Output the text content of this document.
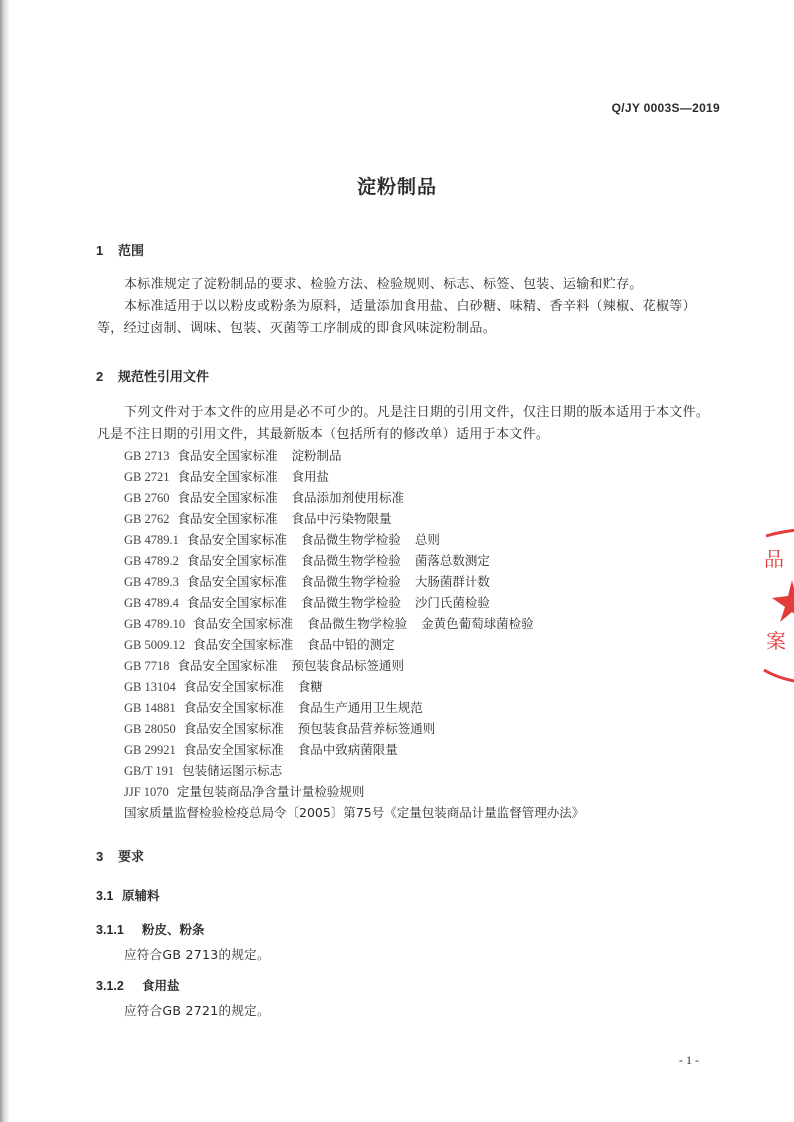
Q/JY 0003S—2019
淀粉制品
1 范围
本标准规定了淀粉制品的要求、检验方法、检验规则、标志、标签、包装、运输和贮存。
本标准适用于以以粉皮或粉条为原料，适量添加食用盐、白砂糖、味精、香辛料（辣椒、花椒等）
等，经过卤制、调味、包装、灭菌等工序制成的即食风味淀粉制品。
2 规范性引用文件
下列文件对于本文件的应用是必不可少的。凡是注日期的引用文件，仅注日期的版本适用于本文件。
凡是不注日期的引用文件，其最新版本（包括所有的修改单）适用于本文件。
GB 2713 食品安全国家标准 淀粉制品
GB 2721 食品安全国家标准 食用盐
GB 2760 食品安全国家标准 食品添加剂使用标准
GB 2762 食品安全国家标准 食品中污染物限量
GB 4789.1 食品安全国家标准 食品微生物学检验 总则
GB 4789.2 食品安全国家标准 食品微生物学检验 菌落总数测定
GB 4789.3 食品安全国家标准 食品微生物学检验 大肠菌群计数
GB 4789.4 食品安全国家标准 食品微生物学检验 沙门氏菌检验
GB 4789.10 食品安全国家标准 食品微生物学检验 金黄色葡萄球菌检验
GB 5009.12 食品安全国家标准 食品中铅的测定
GB 7718 食品安全国家标准 预包装食品标签通则
GB 13104 食品安全国家标准 食糖
GB 14881 食品安全国家标准 食品生产通用卫生规范
GB 28050 食品安全国家标准 预包装食品营养标签通则
GB 29921 食品安全国家标准 食品中致病菌限量
GB/T 191 包装储运图示标志
JJF 1070 定量包装商品净含量计量检验规则
国家质量监督检验检疫总局令〔2005〕第75号《定量包装商品计量监督管理办法》
3 要求
3.1 原辅料
3.1.1 粉皮、粉条
应符合GB 2713的规定。
3.1.2 食用盐
应符合GB 2721的规定。
- 1 -
品
案
